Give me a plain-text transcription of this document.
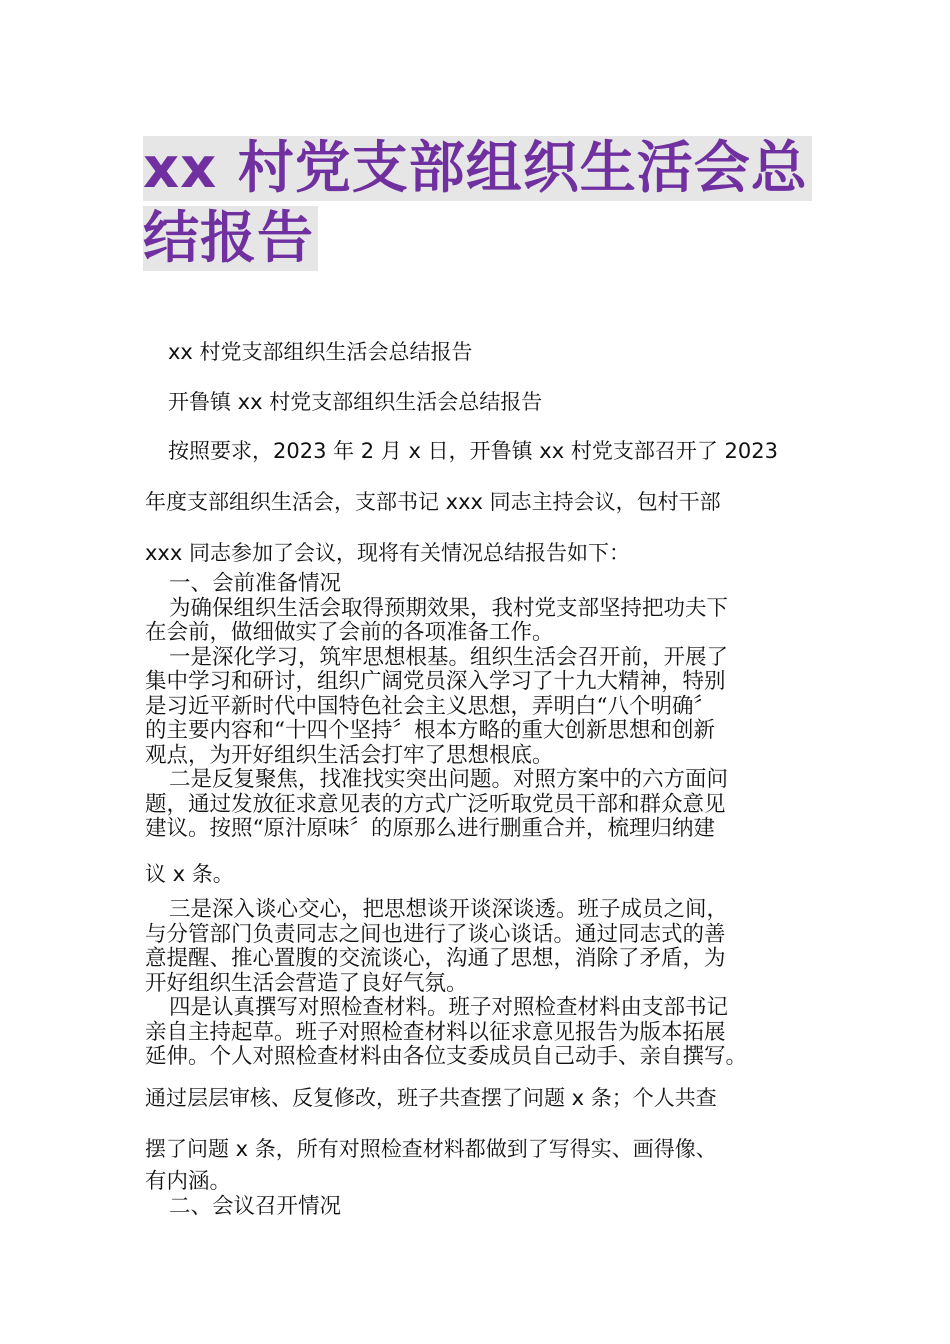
xx 村党支部组织生活会总
结报告

xx 村党支部组织生活会总结报告

开鲁镇 xx 村党支部组织生活会总结报告

按照要求，2023 年 2 月 x 日，开鲁镇 xx 村党支部召开了 2023

年度支部组织生活会，支部书记 xxx 同志主持会议，包村干部

xxx 同志参加了会议，现将有关情况总结报告如下：

一、会前准备情况
为确保组织生活会取得预期效果，我村党支部坚持把功夫下
在会前，做细做实了会前的各项准备工作。
一是深化学习，筑牢思想根基。组织生活会召开前，开展了
集中学习和研讨，组织广阔党员深入学习了十九大精神，特别
是习近平新时代中国特色社会主义思想，弄明白“八个明确〞
的主要内容和“十四个坚持〞根本方略的重大创新思想和创新
观点，为开好组织生活会打牢了思想根底。
二是反复聚焦，找准找实突出问题。对照方案中的六方面问
题，通过发放征求意见表的方式广泛听取党员干部和群众意见
建议。按照“原汁原味〞的原那么进行删重合并，梳理归纳建

议 x 条。

三是深入谈心交心，把思想谈开谈深谈透。班子成员之间，
与分管部门负责同志之间也进行了谈心谈话。通过同志式的善
意提醒、推心置腹的交流谈心，沟通了思想，消除了矛盾，为
开好组织生活会营造了良好气氛。
四是认真撰写对照检查材料。班子对照检查材料由支部书记
亲自主持起草。班子对照检查材料以征求意见报告为版本拓展
延伸。个人对照检查材料由各位支委成员自己动手、亲自撰写。

通过层层审核、反复修改，班子共查摆了问题 x 条；个人共查

摆了问题 x 条，所有对照检查材料都做到了写得实、画得像、

有内涵。
二、会议召开情况
